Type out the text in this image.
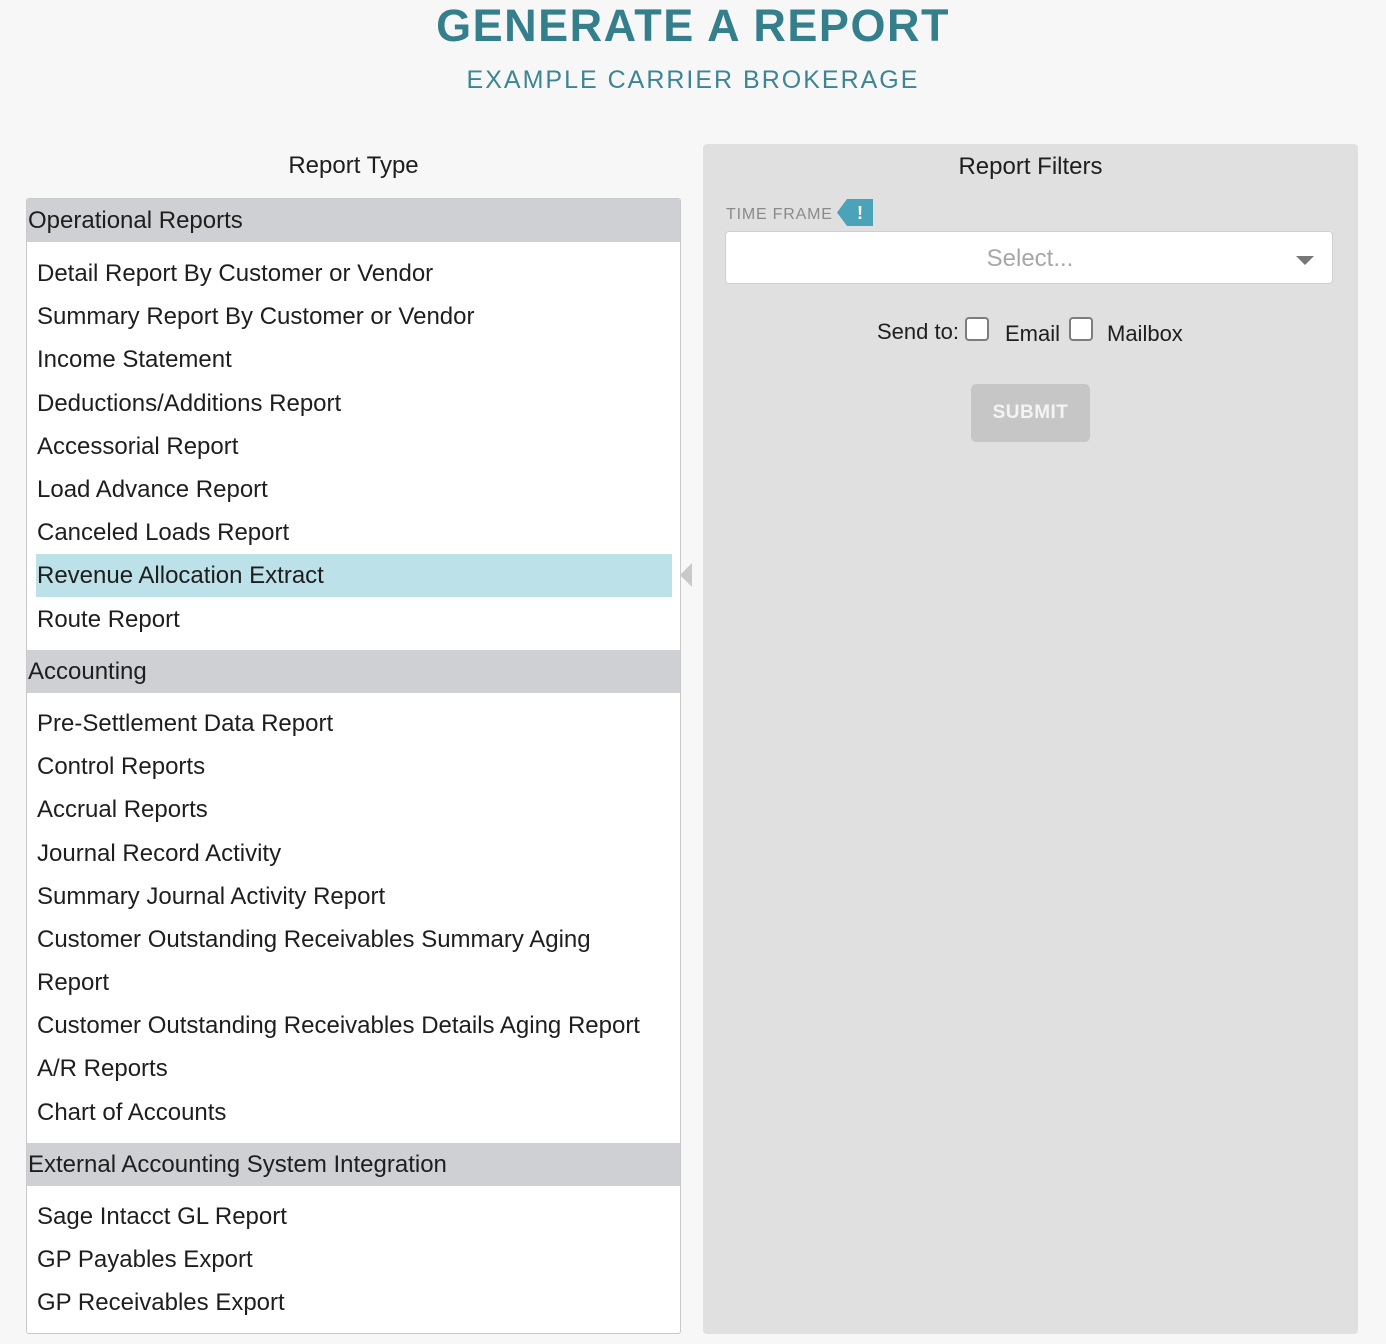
GENERATE A REPORT
EXAMPLE CARRIER BROKERAGE
Report Type
Operational Reports
Detail Report By Customer or Vendor
Summary Report By Customer or Vendor
Income Statement
Deductions/Additions Report
Accessorial Report
Load Advance Report
Canceled Loads Report
Revenue Allocation Extract
Route Report
Accounting
Pre-Settlement Data Report
Control Reports
Accrual Reports
Journal Record Activity
Summary Journal Activity Report
Customer Outstanding Receivables Summary Aging Report
Customer Outstanding Receivables Details Aging Report
A/R Reports
Chart of Accounts
External Accounting System Integration
Sage Intacct GL Report
GP Payables Export
GP Receivables Export
Report Filters
TIME FRAME !
Select...
Send to: Email Mailbox
SUBMIT
